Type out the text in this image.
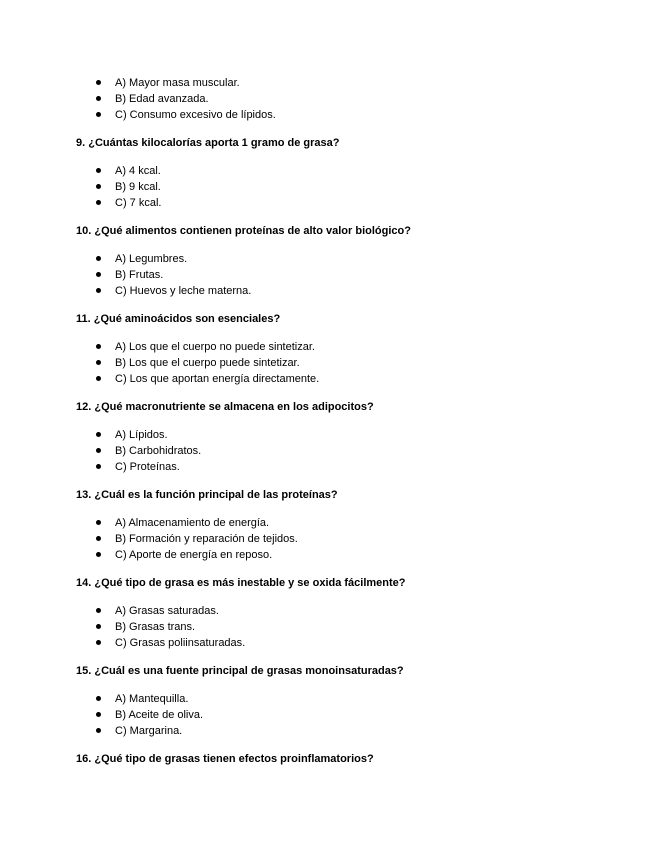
A) Mayor masa muscular.
B) Edad avanzada.
C) Consumo excesivo de lípidos.

9. ¿Cuántas kilocalorías aporta 1 gramo de grasa?

A) 4 kcal.
B) 9 kcal.
C) 7 kcal.

10. ¿Qué alimentos contienen proteínas de alto valor biológico?

A) Legumbres.
B) Frutas.
C) Huevos y leche materna.

11. ¿Qué aminoácidos son esenciales?

A) Los que el cuerpo no puede sintetizar.
B) Los que el cuerpo puede sintetizar.
C) Los que aportan energía directamente.

12. ¿Qué macronutriente se almacena en los adipocitos?

A) Lípidos.
B) Carbohidratos.
C) Proteínas.

13. ¿Cuál es la función principal de las proteínas?

A) Almacenamiento de energía.
B) Formación y reparación de tejidos.
C) Aporte de energía en reposo.

14. ¿Qué tipo de grasa es más inestable y se oxida fácilmente?

A) Grasas saturadas.
B) Grasas trans.
C) Grasas poliinsaturadas.

15. ¿Cuál es una fuente principal de grasas monoinsaturadas?

A) Mantequilla.
B) Aceite de oliva.
C) Margarina.

16. ¿Qué tipo de grasas tienen efectos proinflamatorios?
